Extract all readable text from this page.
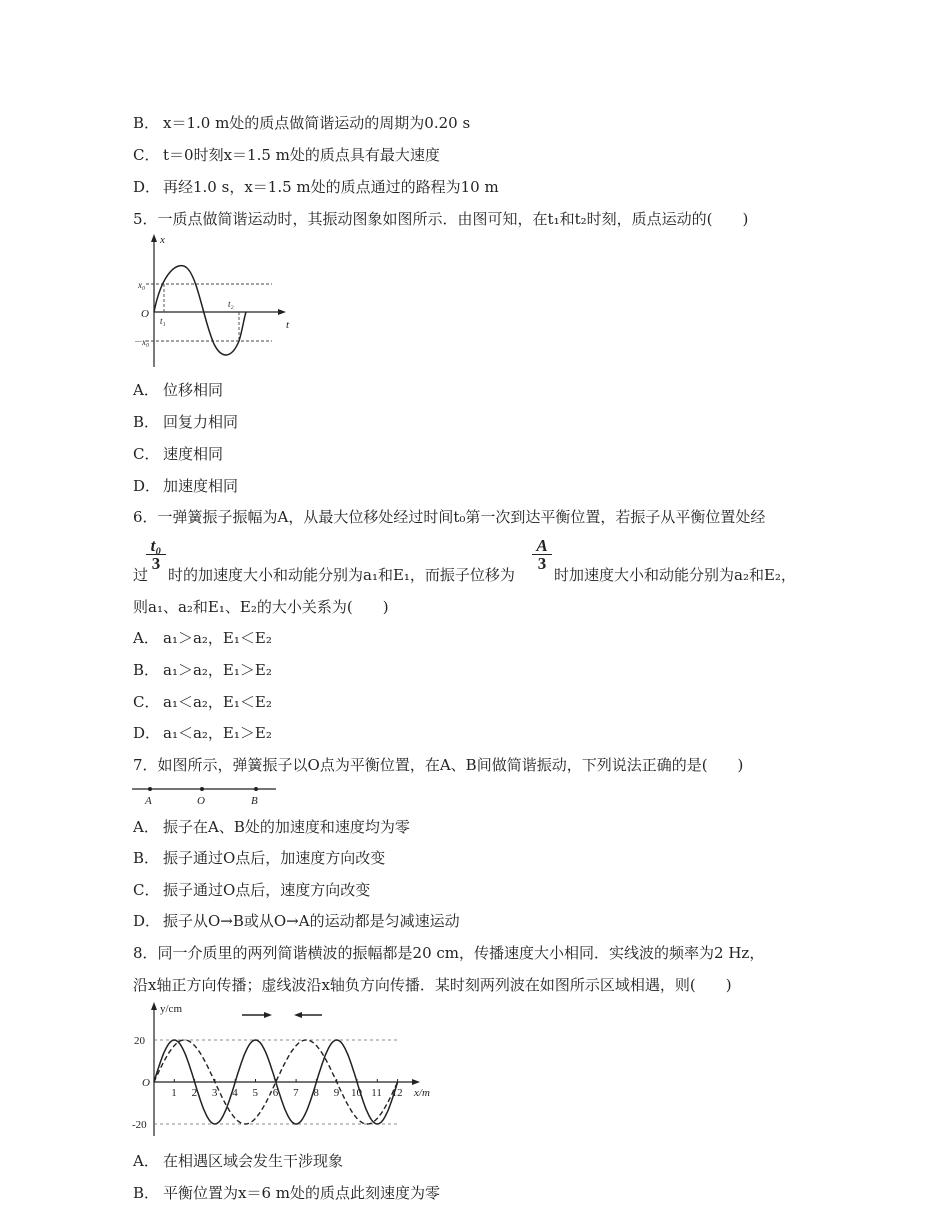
B． x＝1.0 m处的质点做简谐运动的周期为0.20 s
C． t＝0时刻x＝1.5 m处的质点具有最大速度
D． 再经1.0 s，x＝1.5 m处的质点通过的路程为10 m
5．一质点做简谐运动时，其振动图象如图所示．由图可知，在t₁和t₂时刻，质点运动的(　　)
x
t
O
x₀
－x₀
t₁
t₂
A． 位移相同
B． 回复力相同
C． 速度相同
D． 加速度相同
6．一弹簧振子振幅为A，从最大位移处经过时间t₀第一次到达平衡位置，若振子从平衡位置处经
$\frac{\text{t₀}}{3}$	$\frac{A}{3}$
过 时的加速度大小和动能分别为a₁和E₁，而振子位移为	时加速度大小和动能分别为a₂和E₂，
则a₁、a₂和E₁、E₂的大小关系为(　　)
A． a₁＞a₂，E₁＜E₂
B． a₁＞a₂，E₁＞E₂
C． a₁＜a₂，E₁＜E₂
D． a₁＜a₂，E₁＞E₂
7．如图所示，弹簧振子以O点为平衡位置，在A、B间做简谐振动，下列说法正确的是(　　)
A	O	B
A． 振子在A、B处的加速度和速度均为零
B． 振子通过O点后，加速度方向改变
C． 振子通过O点后，速度方向改变
D． 振子从O→B或从O→A的运动都是匀减速运动
8．同一介质里的两列简谐横波的振幅都是20 cm，传播速度大小相同．实线波的频率为2 Hz，
沿x轴正方向传播；虚线波沿x轴负方向传播．某时刻两列波在如图所示区域相遇，则(　　)
y/cm
x/m
O
20
-20
1 2 3 4 5 6 7 8 9 10 11 12
A． 在相遇区域会发生干涉现象
B． 平衡位置为x＝6 m处的质点此刻速度为零
